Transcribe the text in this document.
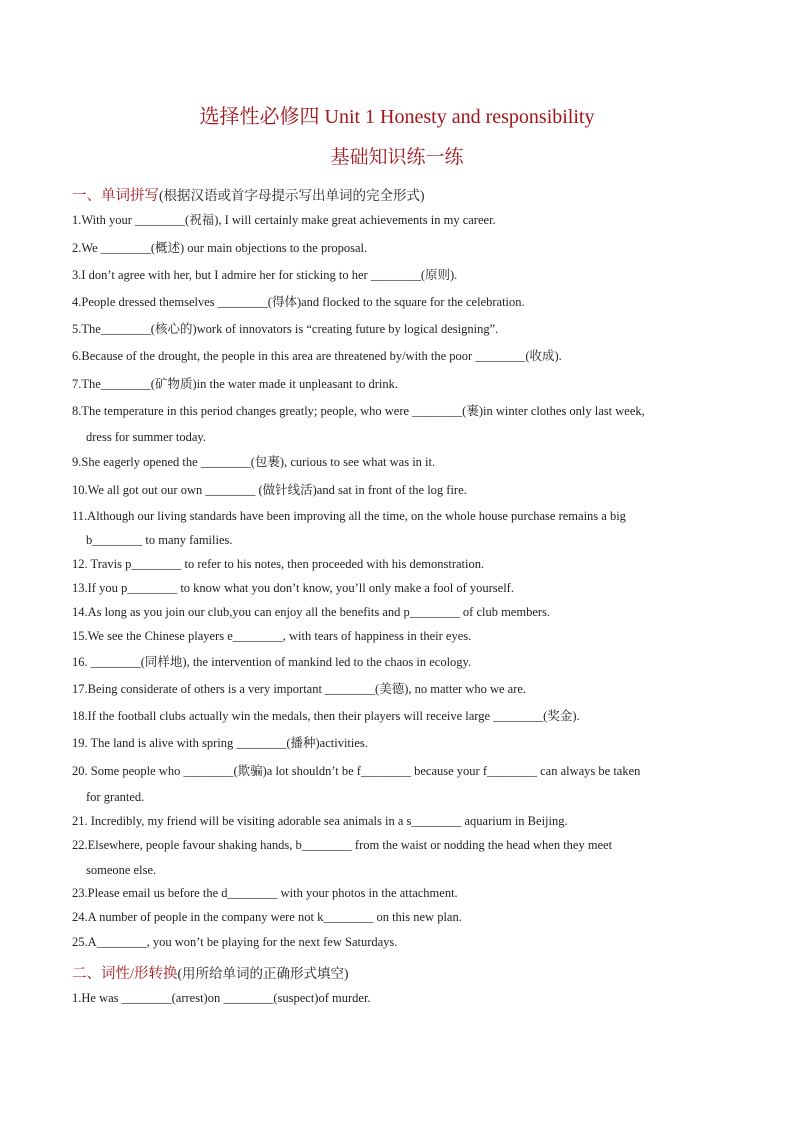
选择性必修四 Unit 1 Honesty and responsibility
基础知识练一练
一、单词拼写(根据汉语或首字母提示写出单词的完全形式)
1.With your ________(祝福), I will certainly make great achievements in my career.
2.We ________(概述) our main objections to the proposal.
3.I don’t agree with her, but I admire her for sticking to her ________(原则).
4.People dressed themselves ________(得体)and flocked to the square for the celebration.
5.The________(核心的)work of innovators is “creating future by logical designing”.
6.Because of the drought, the people in this area are threatened by/with the poor ________(收成).
7.The________(矿物质)in the water made it unpleasant to drink.
8.The temperature in this period changes greatly; people, who were ________(裹)in winter clothes only last week,
dress for summer today.
9.She eagerly opened the ________(包裹), curious to see what was in it.
10.We all got out our own ________ (做针线活)and sat in front of the log fire.
11.Although our living standards have been improving all the time, on the whole house purchase remains a big
b________ to many families.
12. Travis p________ to refer to his notes, then proceeded with his demonstration.
13.If you p________ to know what you don’t know, you’ll only make a fool of yourself.
14.As long as you join our club,you can enjoy all the benefits and p________ of club members.
15.We see the Chinese players e________, with tears of happiness in their eyes.
16. ________(同样地), the intervention of mankind led to the chaos in ecology.
17.Being considerate of others is a very important ________(美德), no matter who we are.
18.If the football clubs actually win the medals, then their players will receive large ________(奖金).
19. The land is alive with spring ________(播种)activities.
20. Some people who ________(欺骗)a lot shouldn’t be f________ because your f________ can always be taken
for granted.
21. Incredibly, my friend will be visiting adorable sea animals in a s________ aquarium in Beijing.
22.Elsewhere, people favour shaking hands, b________ from the waist or nodding the head when they meet
someone else.
23.Please email us before the d________ with your photos in the attachment.
24.A number of people in the company were not k________ on this new plan.
25.A________, you won’t be playing for the next few Saturdays.
二、词性/形转换(用所给单词的正确形式填空)
1.He was ________(arrest)on ________(suspect)of murder.
